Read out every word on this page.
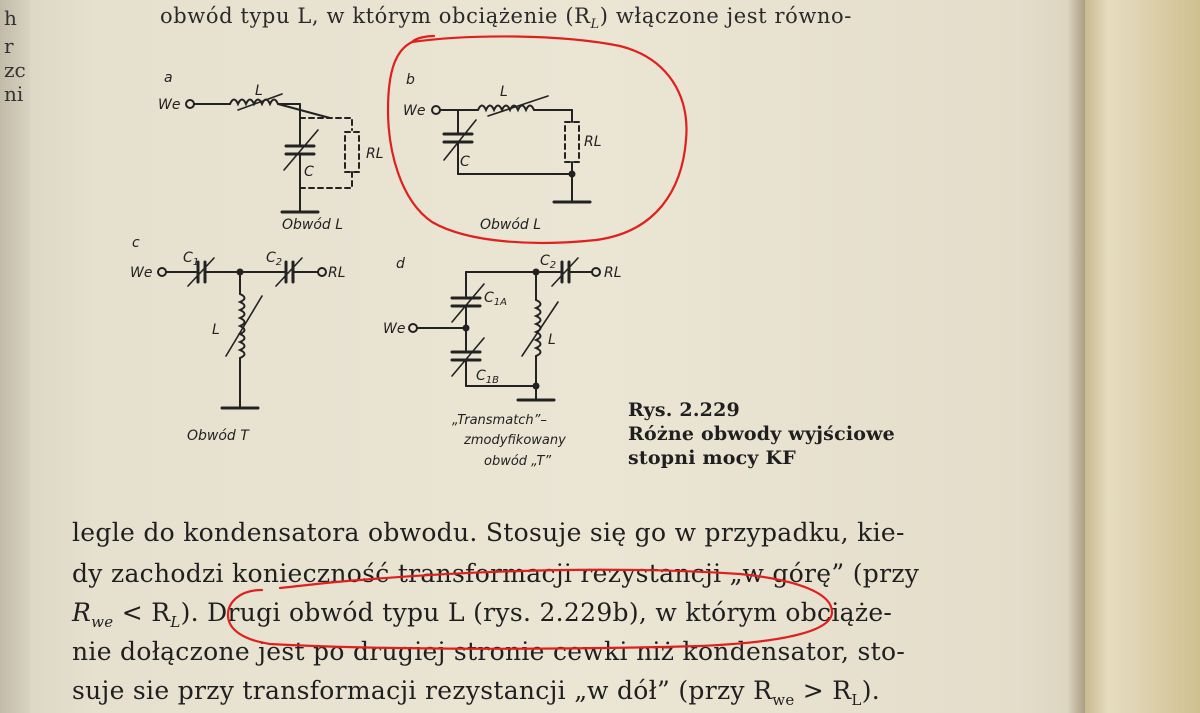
h
r
zc
ni
obwód typu L, w którym obciążenie $(R_L)$ włączone jest równo-
legle do kondensatora obwodu. Stosuje się go w przypadku, kie-
dy zachodzi konieczność transformacji rezystancji „w górę” (przy
$R_{we} < R_L$). Drugi obwód typu L (rys. 2.229b), w którym obciąże-
nie dołączone jest po drugiej stronie cewki niż kondensator, sto-
suje sie przy transformacji rezystancji „w dół” (przy $R_{we} > R_L$).
Rys. 2.229
Różne obwody wyjściowe
stopni mocy KF
a
We
L
C
RL
Obwód L
b
We
L
C
RL
Obwód L
c
We
$C_1$	$C_2$
RL
L
Obwód T
d
We
$C_2$
$C_{1A}$
$C_{1B}$
L
RL
„Transmatch”–
zmodyfikowany
obwód „T”
